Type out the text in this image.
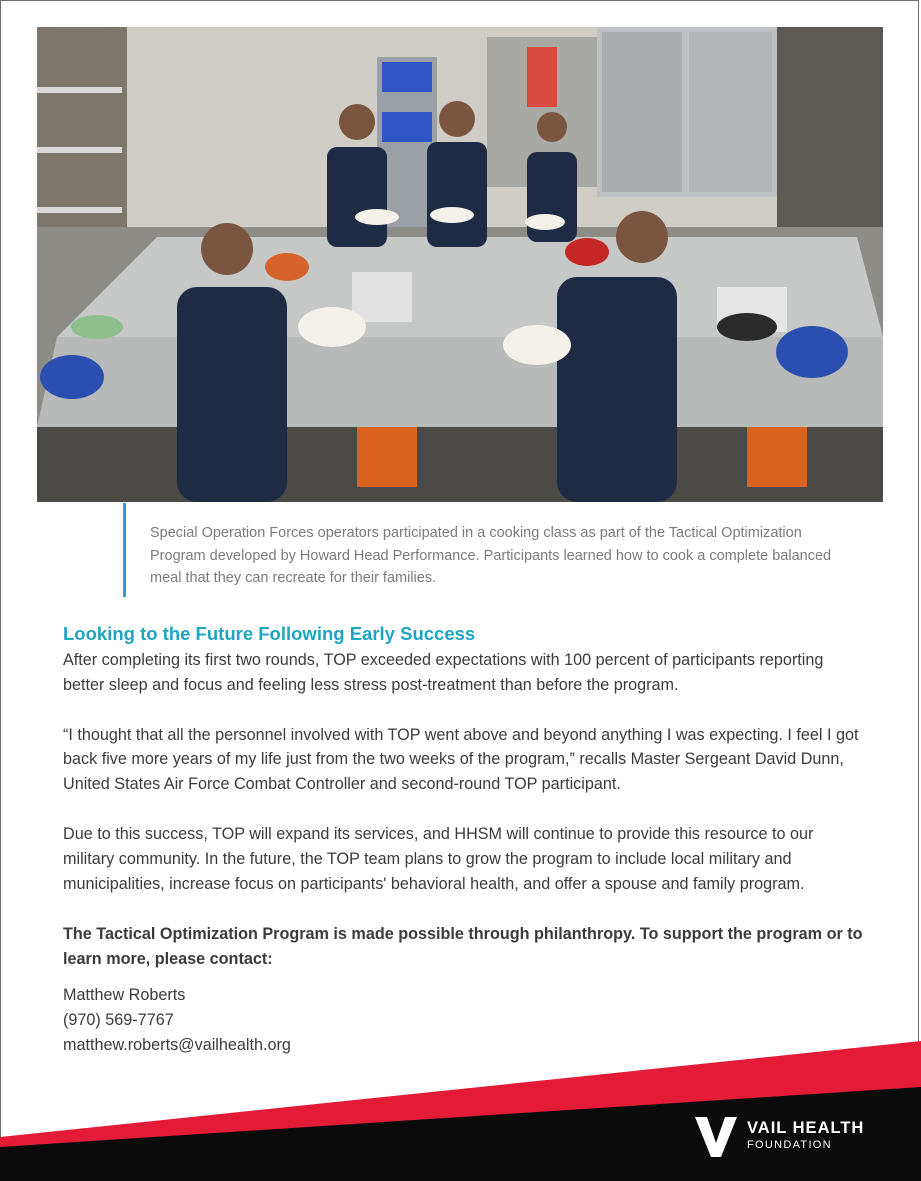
Special Operation Forces operators participated in a cooking class as part of the Tactical Optimization Program developed by Howard Head Performance. Participants learned how to cook a complete balanced meal that they can recreate for their families.
Looking to the Future Following Early Success

After completing its first two rounds, TOP exceeded expectations with 100 percent of participants reporting better sleep and focus and feeling less stress post-treatment than before the program.

“I thought that all the personnel involved with TOP went above and beyond anything I was expecting. I feel I got back five more years of my life just from the two weeks of the program,” recalls Master Sergeant David Dunn, United States Air Force Combat Controller and second-round TOP participant.

Due to this success, TOP will expand its services, and HHSM will continue to provide this resource to our military community. In the future, the TOP team plans to grow the program to include local military and municipalities, increase focus on participants' behavioral health, and offer a spouse and family program.

The Tactical Optimization Program is made possible through philanthropy. To support the program or to learn more, please contact:

Matthew Roberts
(970) 569-7767
matthew.roberts@vailhealth.org
VAIL HEALTH
FOUNDATION
